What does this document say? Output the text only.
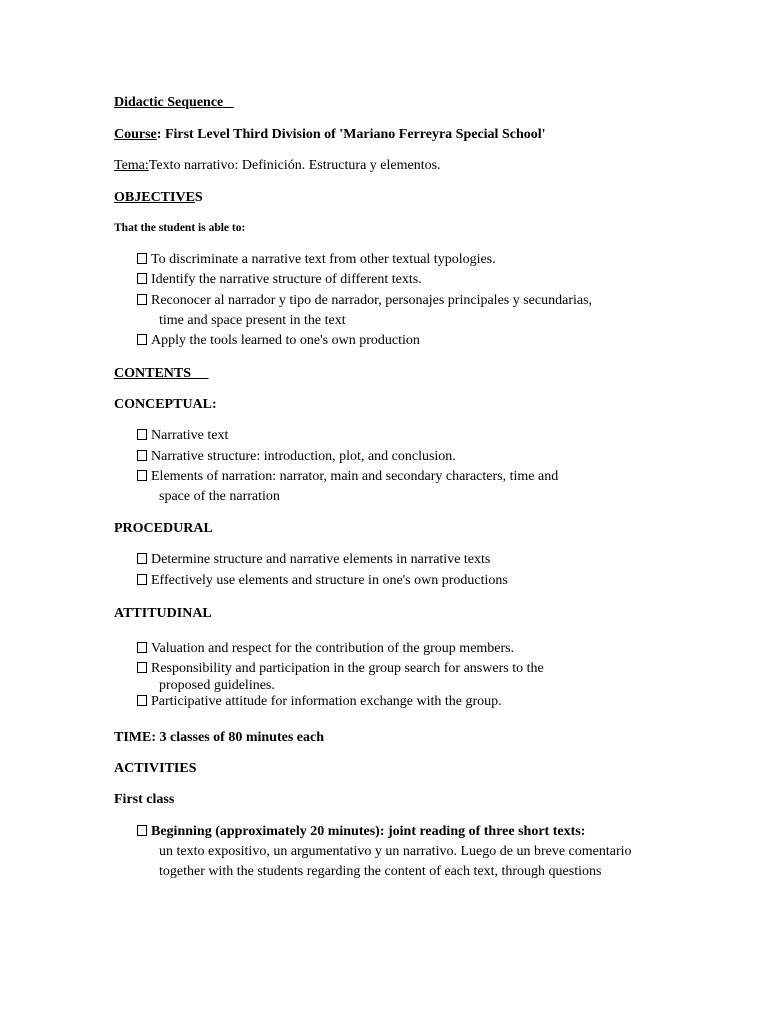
Didactic Sequence
Course: First Level Third Division of 'Mariano Ferreyra Special School'
Tema:Texto narrativo: Definición. Estructura y elementos.
OBJECTIVES
That the student is able to:
To discriminate a narrative text from other textual typologies.
Identify the narrative structure of different texts.
Reconocer al narrador y tipo de narrador, personajes principales y secundarias,
time and space present in the text
Apply the tools learned to one's own production
CONTENTS
CONCEPTUAL:
Narrative text
Narrative structure: introduction, plot, and conclusion.
Elements of narration: narrator, main and secondary characters, time and
space of the narration
PROCEDURAL
Determine structure and narrative elements in narrative texts
Effectively use elements and structure in one's own productions
ATTITUDINAL
Valuation and respect for the contribution of the group members.
Responsibility and participation in the group search for answers to the
proposed guidelines.
Participative attitude for information exchange with the group.
TIME: 3 classes of 80 minutes each
ACTIVITIES
First class
Beginning (approximately 20 minutes): joint reading of three short texts:
un texto expositivo, un argumentativo y un narrativo. Luego de un breve comentario
together with the students regarding the content of each text, through questions
